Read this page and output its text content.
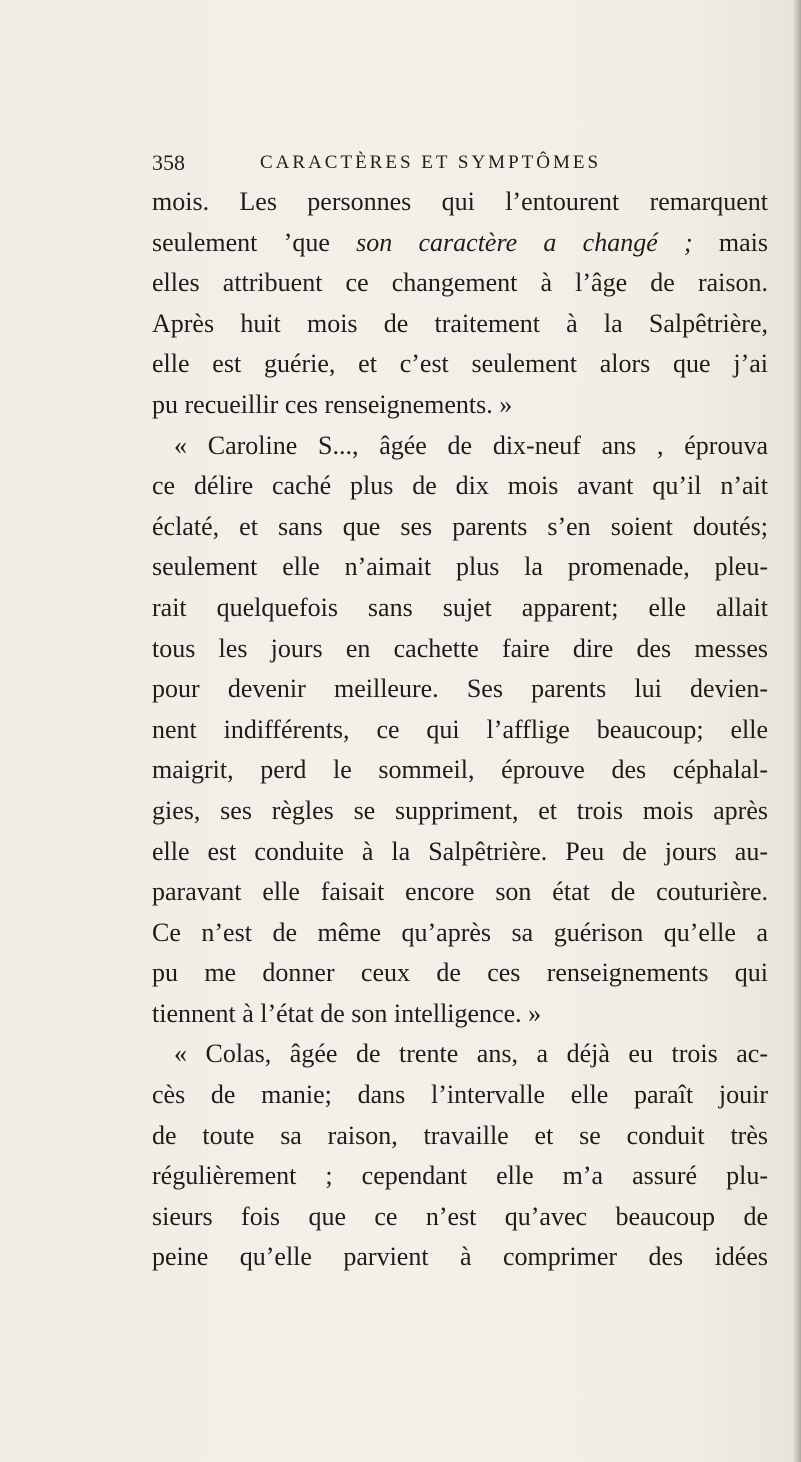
358	CARACTÈRES ET SYMPTÔMES
mois. Les personnes qui l’entourent remarquent
seulement ’que son caractère a changé ; mais
elles attribuent ce changement à l’âge de raison.
Après huit mois de traitement à la Salpêtrière,
elle est guérie, et c’est seulement alors que j’ai
pu recueillir ces renseignements. »
« Caroline S..., âgée de dix-neuf ans , éprouva
ce délire caché plus de dix mois avant qu’il n’ait
éclaté, et sans que ses parents s’en soient doutés;
seulement elle n’aimait plus la promenade, pleu-
rait quelquefois sans sujet apparent; elle allait
tous les jours en cachette faire dire des messes
pour devenir meilleure. Ses parents lui devien-
nent indifférents, ce qui l’afflige beaucoup; elle
maigrit, perd le sommeil, éprouve des céphalal-
gies, ses règles se suppriment, et trois mois après
elle est conduite à la Salpêtrière. Peu de jours au-
paravant elle faisait encore son état de couturière.
Ce n’est de même qu’après sa guérison qu’elle a
pu me donner ceux de ces renseignements qui
tiennent à l’état de son intelligence. »
« Colas, âgée de trente ans, a déjà eu trois ac-
cès de manie; dans l’intervalle elle paraît jouir
de toute sa raison, travaille et se conduit très
régulièrement ; cependant elle m’a assuré plu-
sieurs fois que ce n’est qu’avec beaucoup de
peine qu’elle parvient à comprimer des idées
